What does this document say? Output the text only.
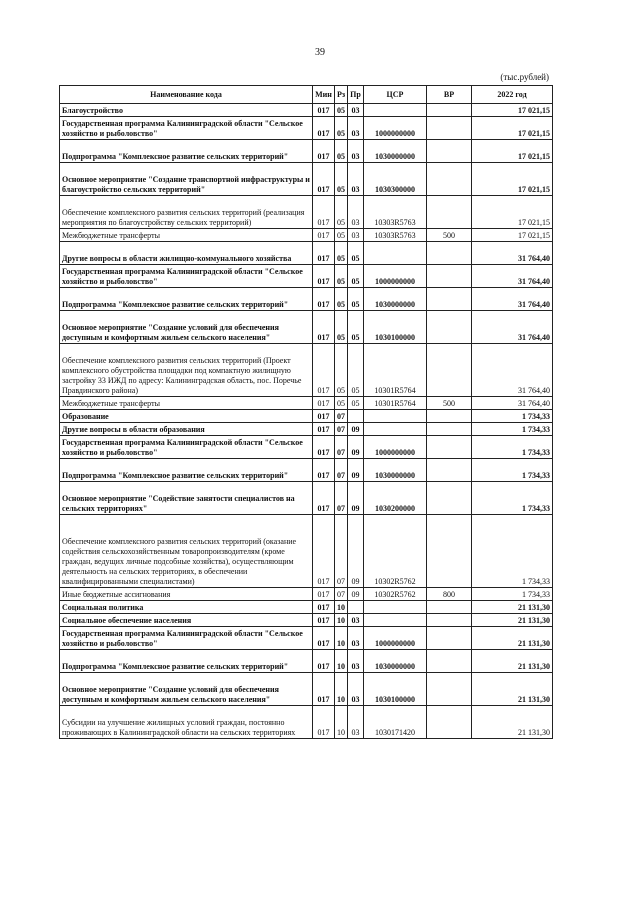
39
(тыс.рублей)
Наименование кода	Мин	Рз	Пр	ЦСР	ВР	2022 год
Благоустройство	017	05	03			17 021,15
Государственная программа Калининградской области "Сельское хозяйство и рыболовство"	017	05	03	1000000000		17 021,15
Подпрограмма "Комплексное развитие сельских территорий"	017	05	03	1030000000		17 021,15
Основное мероприятие "Создание транспортной инфраструктуры и благоустройство сельских территорий"	017	05	03	1030300000		17 021,15
Обеспечение комплексного развития сельских территорий (реализация мероприятия по благоустройству сельских территорий)	017	05	03	10303R5763		17 021,15
Межбюджетные трансферты	017	05	03	10303R5763	500	17 021,15
Другие вопросы в области жилищно-коммунального хозяйства	017	05	05			31 764,40
Государственная программа Калининградской области "Сельское хозяйство и рыболовство"	017	05	05	1000000000		31 764,40
Подпрограмма "Комплексное развитие сельских территорий"	017	05	05	1030000000		31 764,40
Основное мероприятие "Создание условий для обеспечения доступным и комфортным жильем сельского населения"	017	05	05	1030100000		31 764,40
Обеспечение комплексного развития сельских территорий (Проект комплексного обустройства площадки под компактную жилищную застройку 33 ИЖД по адресу: Калининградская область, пос. Поречье Правдинского района)	017	05	05	10301R5764		31 764,40
Межбюджетные трансферты	017	05	05	10301R5764	500	31 764,40
Образование	017	07				1 734,33
Другие вопросы в области образования	017	07	09			1 734,33
Государственная программа Калининградской области "Сельское хозяйство и рыболовство"	017	07	09	1000000000		1 734,33
Подпрограмма "Комплексное развитие сельских территорий"	017	07	09	1030000000		1 734,33
Основное мероприятие "Содействие занятости специалистов на сельских территориях"	017	07	09	1030200000		1 734,33
Обеспечение комплексного развития сельских территорий (оказание содействия сельскохозяйственным товаропроизводителям (кроме граждан, ведущих личные подсобные хозяйства), осуществляющим деятельность на сельских территориях, в обеспечении квалифицированными специалистами)	017	07	09	10302R5762		1 734,33
Иные бюджетные ассигнования	017	07	09	10302R5762	800	1 734,33
Социальная политика	017	10				21 131,30
Социальное обеспечение населения	017	10	03			21 131,30
Государственная программа Калининградской области "Сельское хозяйство и рыболовство"	017	10	03	1000000000		21 131,30
Подпрограмма "Комплексное развитие сельских территорий"	017	10	03	1030000000		21 131,30
Основное мероприятие "Создание условий для обеспечения доступным и комфортным жильем сельского населения"	017	10	03	1030100000		21 131,30
Субсидии на улучшение жилищных условий граждан, постоянно проживающих в Калининградской области на сельских территориях	017	10	03	1030171420		21 131,30
